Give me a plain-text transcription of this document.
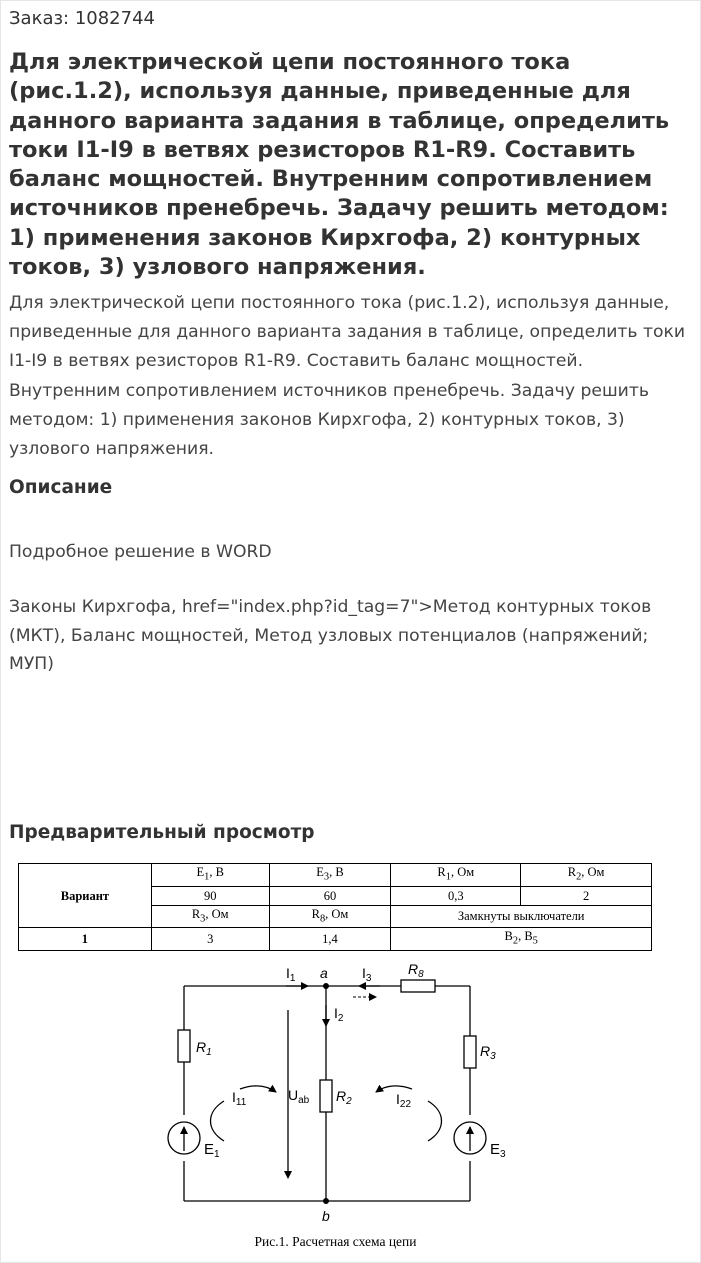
Заказ: 1082744
Для электрической цепи постоянного тока (рис.1.2), используя данные, приведенные для данного варианта задания в таблице, определить токи I1-I9 в ветвях резисторов R1-R9. Составить баланс мощностей. Внутренним сопротивлением источников пренебречь. Задачу решить методом: 1) применения законов Кирхгофа, 2) контурных токов, 3) узлового напряжения.
Для электрической цепи постоянного тока (рис.1.2), используя данные, приведенные для данного варианта задания в таблице, определить токи I1-I9 в ветвях резисторов R1-R9. Составить баланс мощностей. Внутренним сопротивлением источников пренебречь. Задачу решить методом: 1) применения законов Кирхгофа, 2) контурных токов, 3) узлового напряжения.
Описание
Подробное решение в WORD
Законы Кирхгофа, href="index.php?id_tag=7">Метод контурных токов (МКТ), Баланс мощностей, Метод узловых потенциалов (напряжений; МУП)
Предварительный просмотр
Вариант	$E_1$, B	$E_3$, B	$R_1$, Ом	$R_2$, Ом
	90	60	0,3	2
	$R_3$, Ом	$R_8$, Ом	Замкнуты выключатели	
1	3	1,4	$B_2$, $B_5$
$I_1$ a $I_3$
$R_8$
$I_2$
$R_1$	$R_3$
$R_2$
$I_{11}$	$U_{ab}$	$I_{22}$
$E_1$	$E_3$
b
Рис.1. Расчетная схема цепи
